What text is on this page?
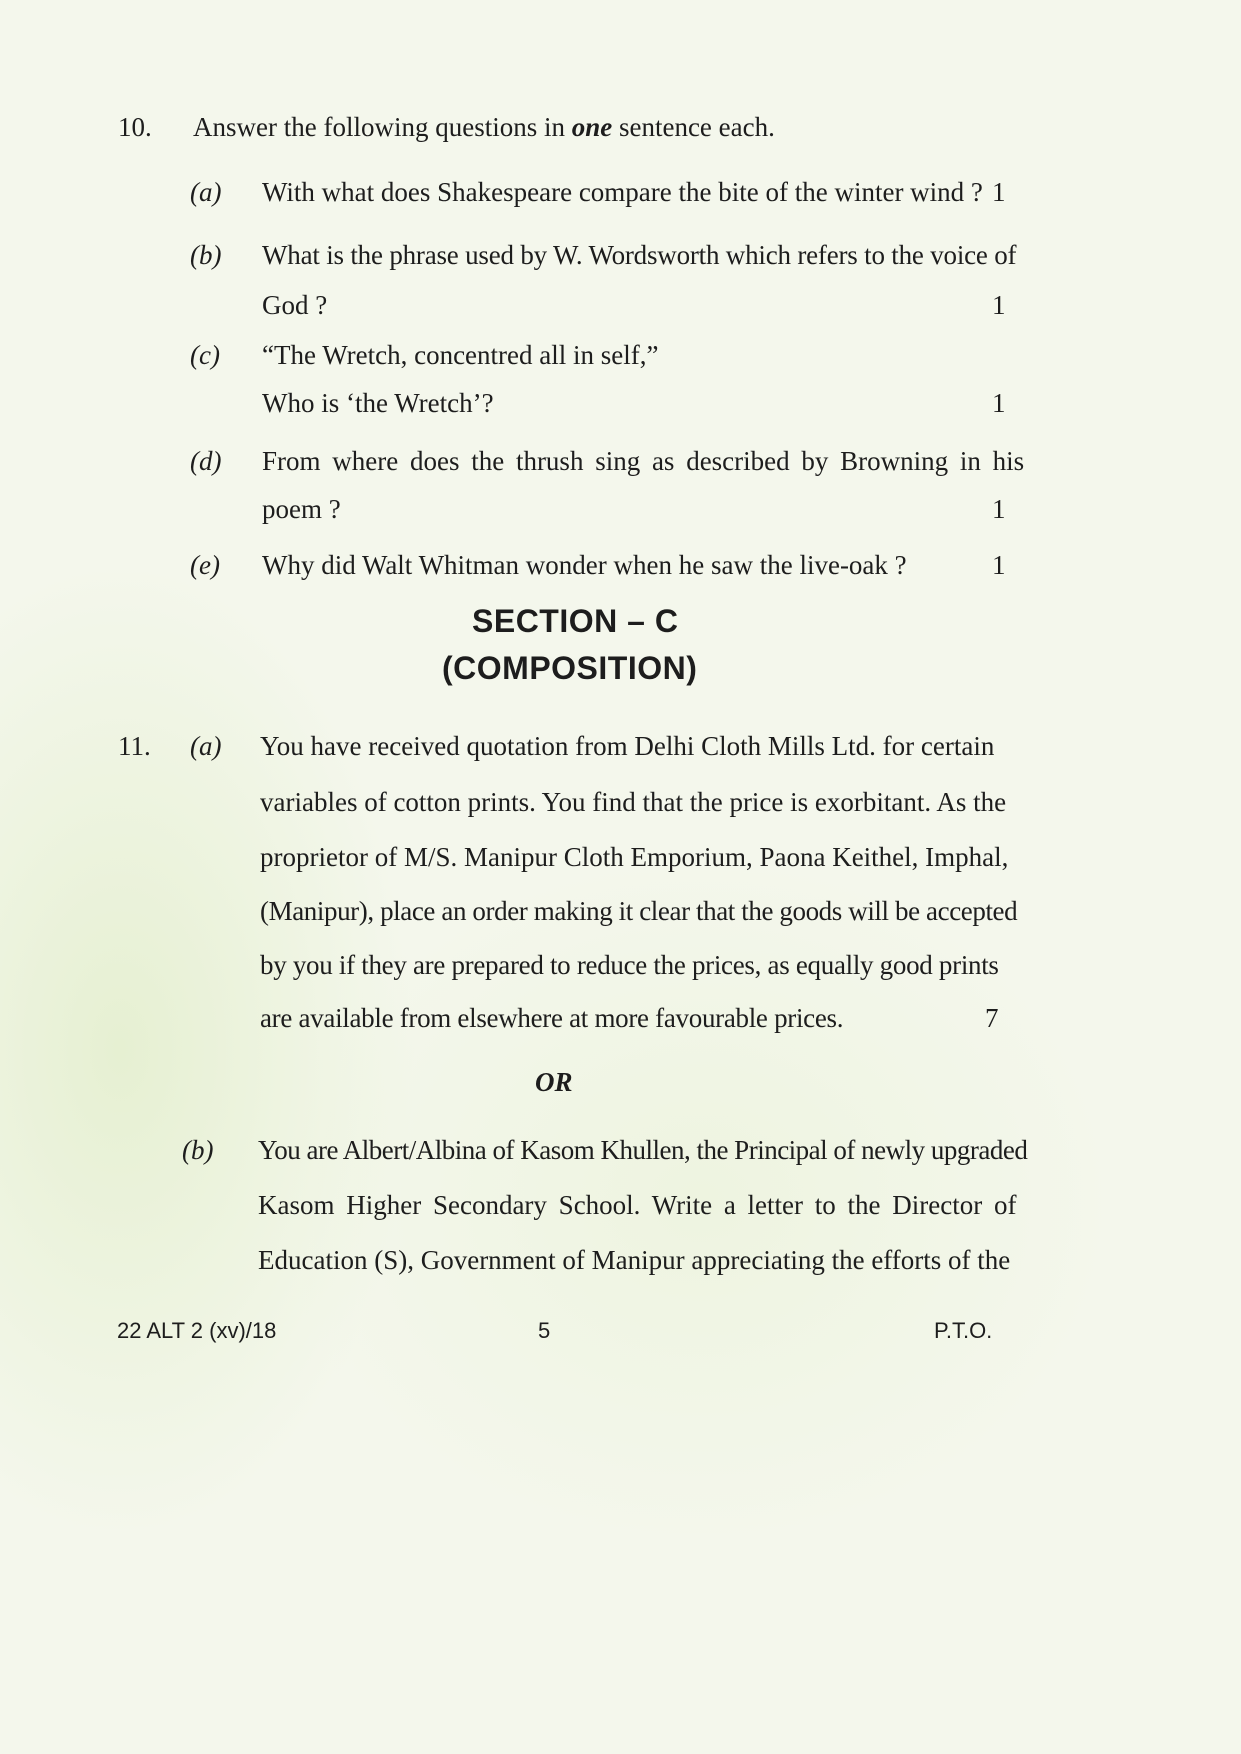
10. Answer the following questions in one sentence each.
(a) With what does Shakespeare compare the bite of the winter wind ? 1
(b) What is the phrase used by W. Wordsworth which refers to the voice of
God ?	1
(c) “The Wretch, concentred all in self,”
Who is ‘the Wretch’?	1
(d) From where does the thrush sing as described by Browning in his
poem ?	1
(e) Why did Walt Whitman wonder when he saw the live-oak ?	1
SECTION – C
(COMPOSITION)
11. (a) You have received quotation from Delhi Cloth Mills Ltd. for certain
variables of cotton prints. You find that the price is exorbitant. As the
proprietor of M/S. Manipur Cloth Emporium, Paona Keithel, Imphal,
(Manipur), place an order making it clear that the goods will be accepted
by you if they are prepared to reduce the prices, as equally good prints
are available from elsewhere at more favourable prices.	7
OR
(b) You are Albert/Albina of Kasom Khullen, the Principal of newly upgraded
Kasom Higher Secondary School. Write a letter to the Director of
Education (S), Government of Manipur appreciating the efforts of the
22 ALT 2 (xv)/18	5	P.T.O.
